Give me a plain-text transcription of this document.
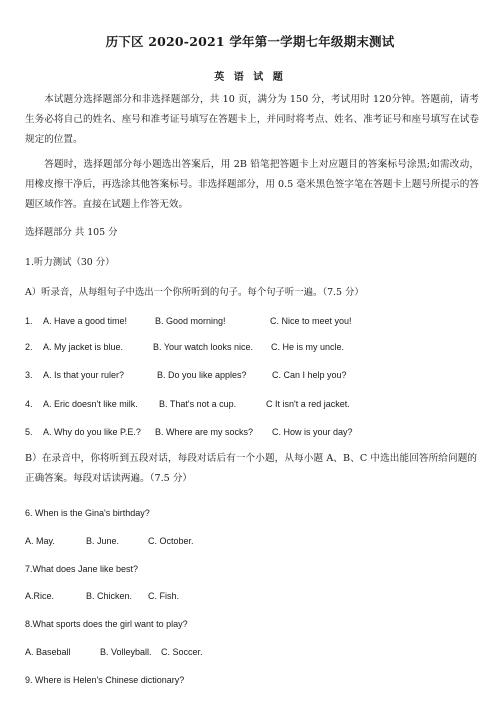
历下区 2020-2021 学年第一学期七年级期末测试
英 语 试 题
本试题分选择题部分和非选择题部分，共 10 页，满分为 150 分，考试用时 120分钟。答题前，请考生务必将自己的姓名、座号和准考证号填写在答题卡上，并同时将考点、姓名、准考证号和座号填写在试卷规定的位置。
答题时，选择题部分每小题选出答案后，用 2B 铅笔把答题卡上对应题目的答案标号涂黑;如需改动，用橡皮擦干净后，再选涂其他答案标号。非选择题部分，用 0.5 毫米黑色签字笔在答题卡上题号所提示的答题区域作答。直接在试题上作答无效。
选择题部分 共 105 分
1.听力测试（30 分）
A）听录音，从每组句子中选出一个你所听到的句子。每个句子听一遍。（7.5 分）
1. A. Have a good time!	B. Good morning!	C. Nice to meet you!
2. A. My jacket is blue.	B. Your watch looks nice. C. He is my uncle.
3. A. Is that your ruler?	B. Do you like apples?	C. Can I help you?
4. A. Eric doesn't like milk. B. That's not a cup.	C It isn't a red jacket.
5. A. Why do you like P.E.? B. Where are my socks? C. How is your day?
B）在录音中，你将听到五段对话，每段对话后有一个小题，从每小题 A、B、C 中选出能回答所给问题的正确答案。每段对话读两遍。（7.5 分）
6. When is the Gina's birthday?
A. May.	B. June.	C. October.
7.What does Jane like best?
A.Rice.	B. Chicken. C. Fish.
8.What sports does the girl want to play?
A. Baseball	B. Volleyball. C. Soccer.
9. Where is Helen's Chinese dictionary?
